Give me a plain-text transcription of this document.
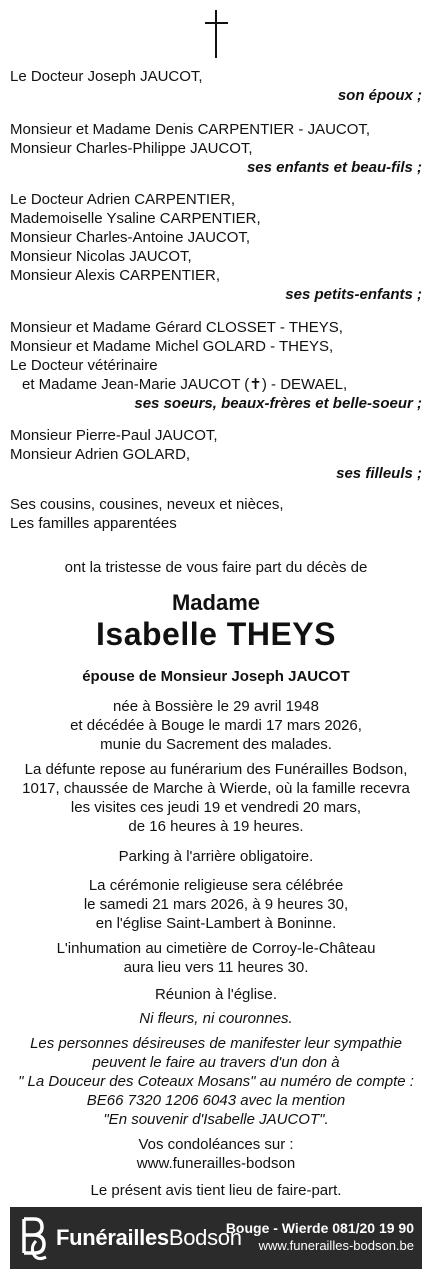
Le Docteur Joseph JAUCOT,
son époux ;
Monsieur et Madame Denis CARPENTIER - JAUCOT,
Monsieur Charles-Philippe JAUCOT,
ses enfants et beau-fils ;
Le Docteur Adrien CARPENTIER,
Mademoiselle Ysaline CARPENTIER,
Monsieur Charles-Antoine JAUCOT,
Monsieur Nicolas JAUCOT,
Monsieur Alexis CARPENTIER,
ses petits-enfants ;
Monsieur et Madame Gérard CLOSSET - THEYS,
Monsieur et Madame Michel GOLARD - THEYS,
Le Docteur vétérinaire
et Madame Jean-Marie JAUCOT (✝) - DEWAEL,
ses soeurs, beaux-frères et belle-soeur ;
Monsieur Pierre-Paul JAUCOT,
Monsieur Adrien GOLARD,
ses filleuls ;
Ses cousins, cousines, neveux et nièces,
Les familles apparentées
ont la tristesse de vous faire part du décès de
Madame
Isabelle THEYS
épouse de Monsieur Joseph JAUCOT
née à Bossière le 29 avril 1948
et décédée à Bouge le mardi 17 mars 2026,
munie du Sacrement des malades.
La défunte repose au funérarium des Funérailles Bodson,
1017, chaussée de Marche à Wierde, où la famille recevra
les visites ces jeudi 19 et vendredi 20 mars,
de 16 heures à 19 heures.
Parking à l'arrière obligatoire.
La cérémonie religieuse sera célébrée
le samedi 21 mars 2026, à 9 heures 30,
en l'église Saint-Lambert à Boninne.
L'inhumation au cimetière de Corroy-le-Château
aura lieu vers 11 heures 30.
Réunion à l'église.
Ni fleurs, ni couronnes.
Les personnes désireuses de manifester leur sympathie
peuvent le faire au travers d'un don à
" La Douceur des Coteaux Mosans" au numéro de compte :
BE66 7320 1206 6043 avec la mention
"En souvenir d'Isabelle JAUCOT".
Vos condoléances sur :
www.funerailles-bodson
Le présent avis tient lieu de faire-part.
FunéraillesBodson
Bouge - Wierde 081/20 19 90
www.funerailles-bodson.be
